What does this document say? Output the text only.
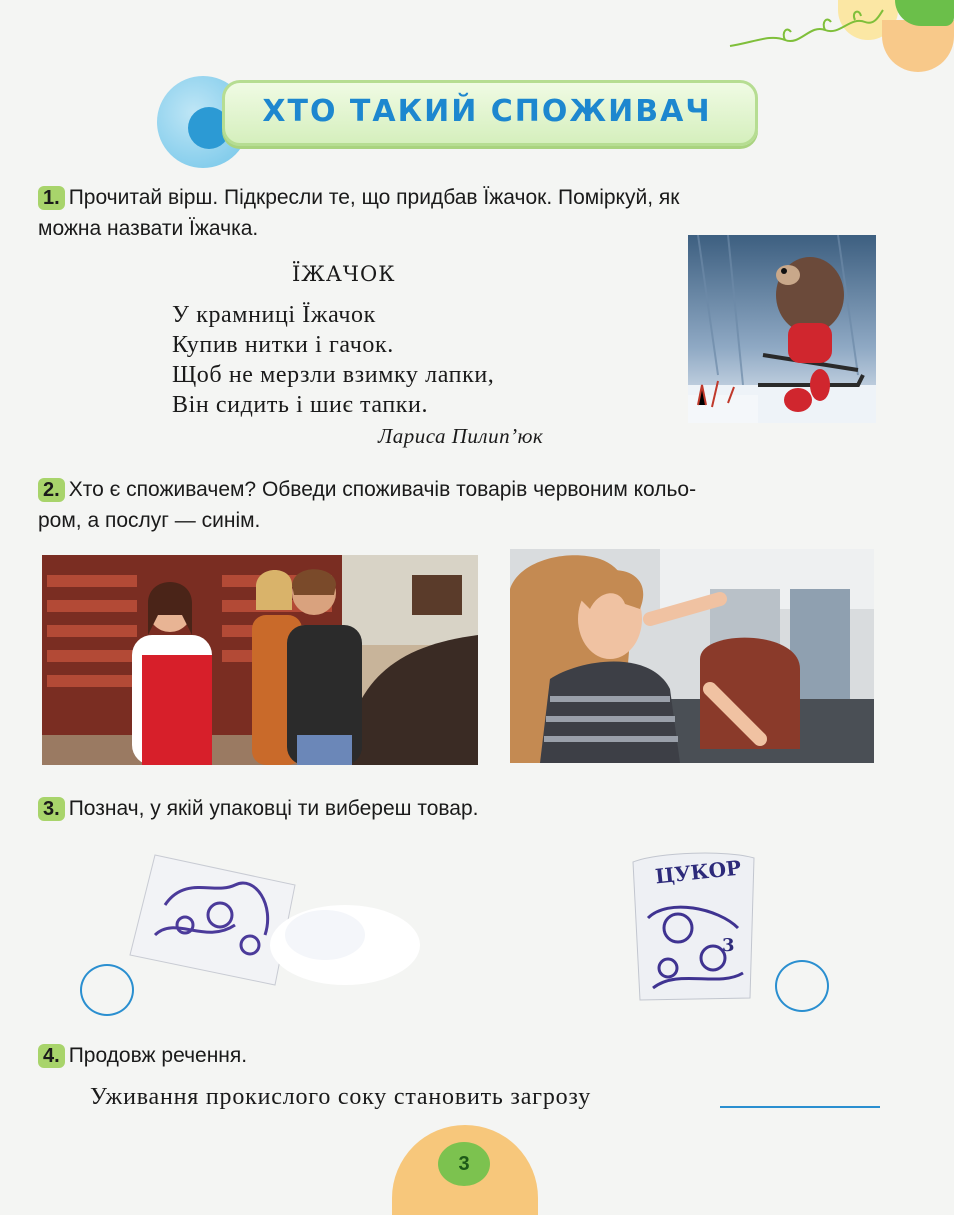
ХТО ТАКИЙ СПОЖИВАЧ
1. Прочитай вірш. Підкресли те, що придбав Їжачок. Поміркуй, як
можна назвати Їжачка.
ЇЖАЧОК
У крамниці Їжачок
Купив нитки і гачок.
Щоб не мерзли взимку лапки,
Він сидить і шиє тапки.
Лариса Пилип’юк
2. Хто є споживачем? Обведи споживачів товарів червоним кольо-
ром, а послуг — синім.
3. Познач, у якій упаковці ти вибереш товар.
ЦУКОР
3
4. Продовж речення.
Уживання прокислого соку становить загрозу
3
